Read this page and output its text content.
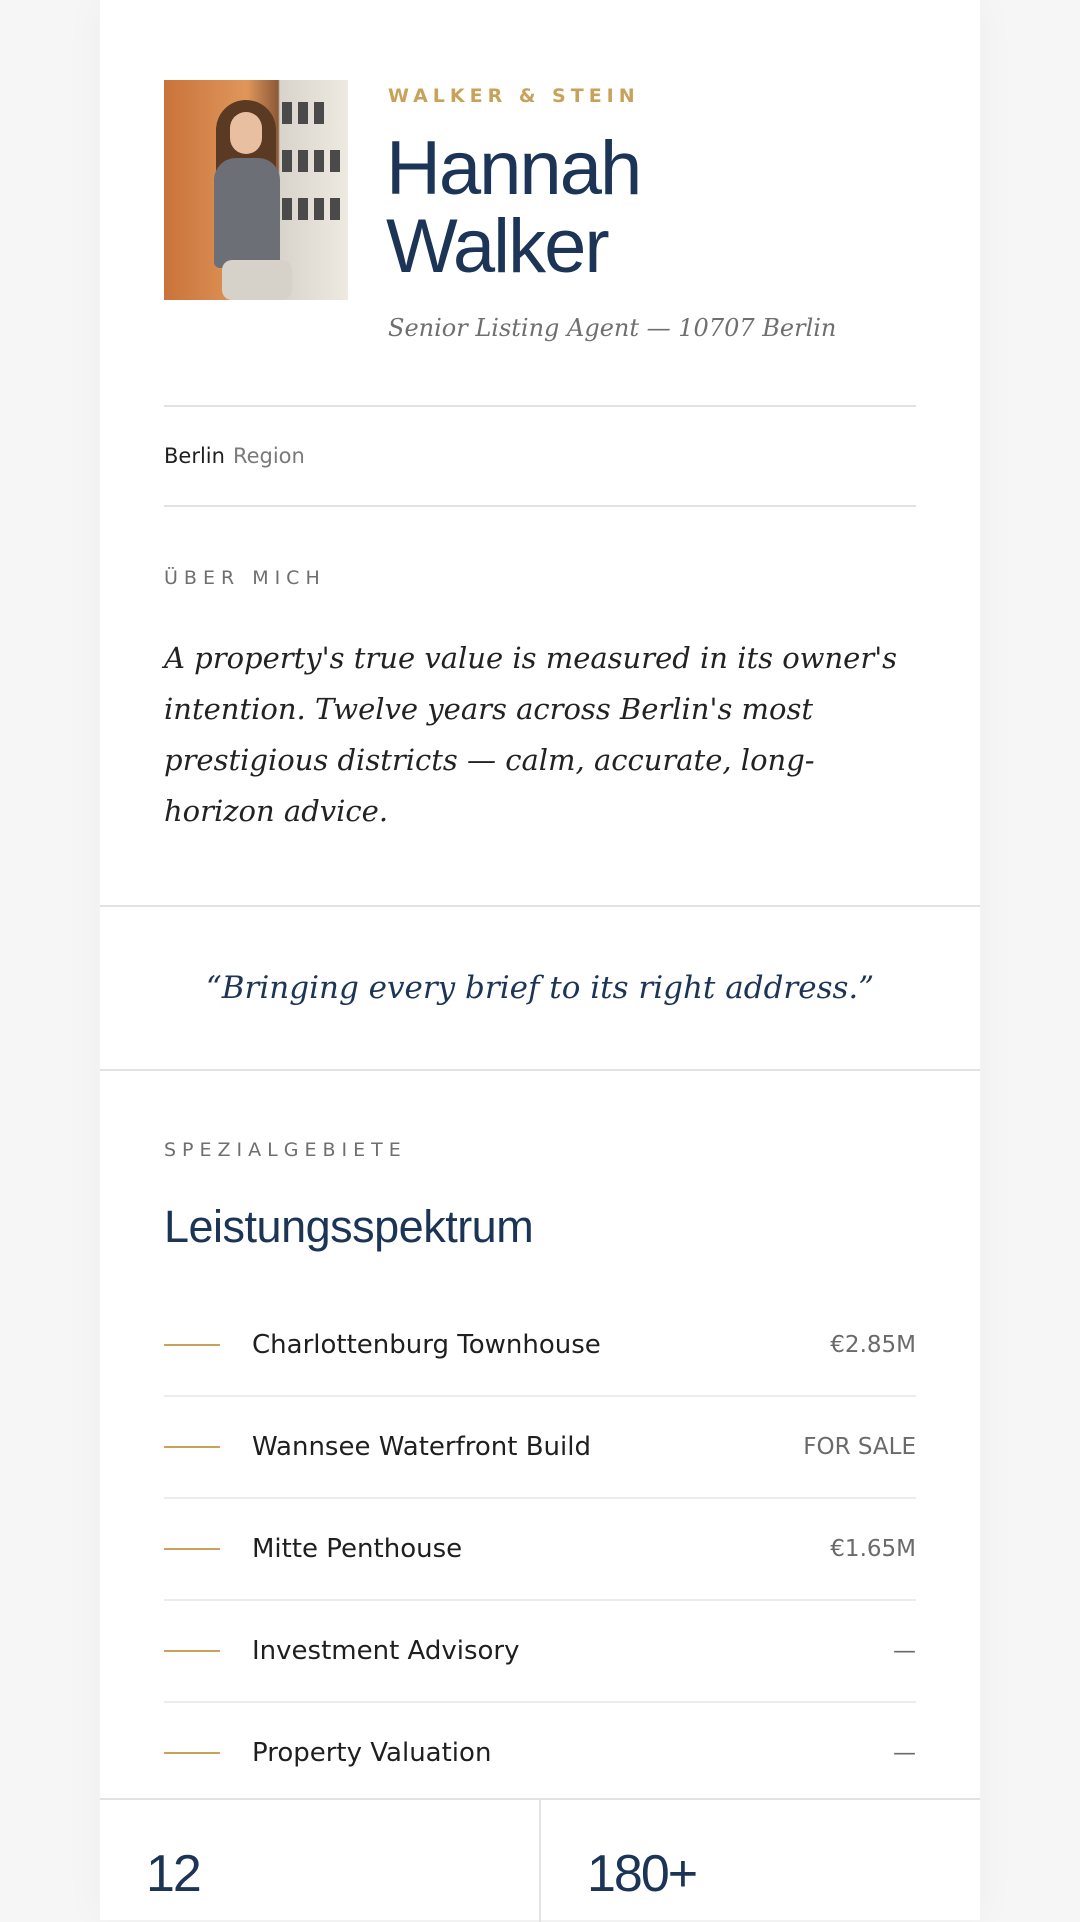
WALKER & STEIN
Hannah
Walker
Senior Listing Agent — 10707 Berlin
Berlin Region

ÜBER MICH

A property's true value is measured in its owner's intention. Twelve years across Berlin's most prestigious districts — calm, accurate, long-horizon advice.
“Bringing every brief to its right address.”

SPEZIALGEBIETE

Leistungsspektrum
Charlottenburg Townhouse	€2.85M
Wannsee Waterfront Build	FOR SALE
Mitte Penthouse	€1.65M
Investment Advisory	—
Property Valuation	—
12	180+
